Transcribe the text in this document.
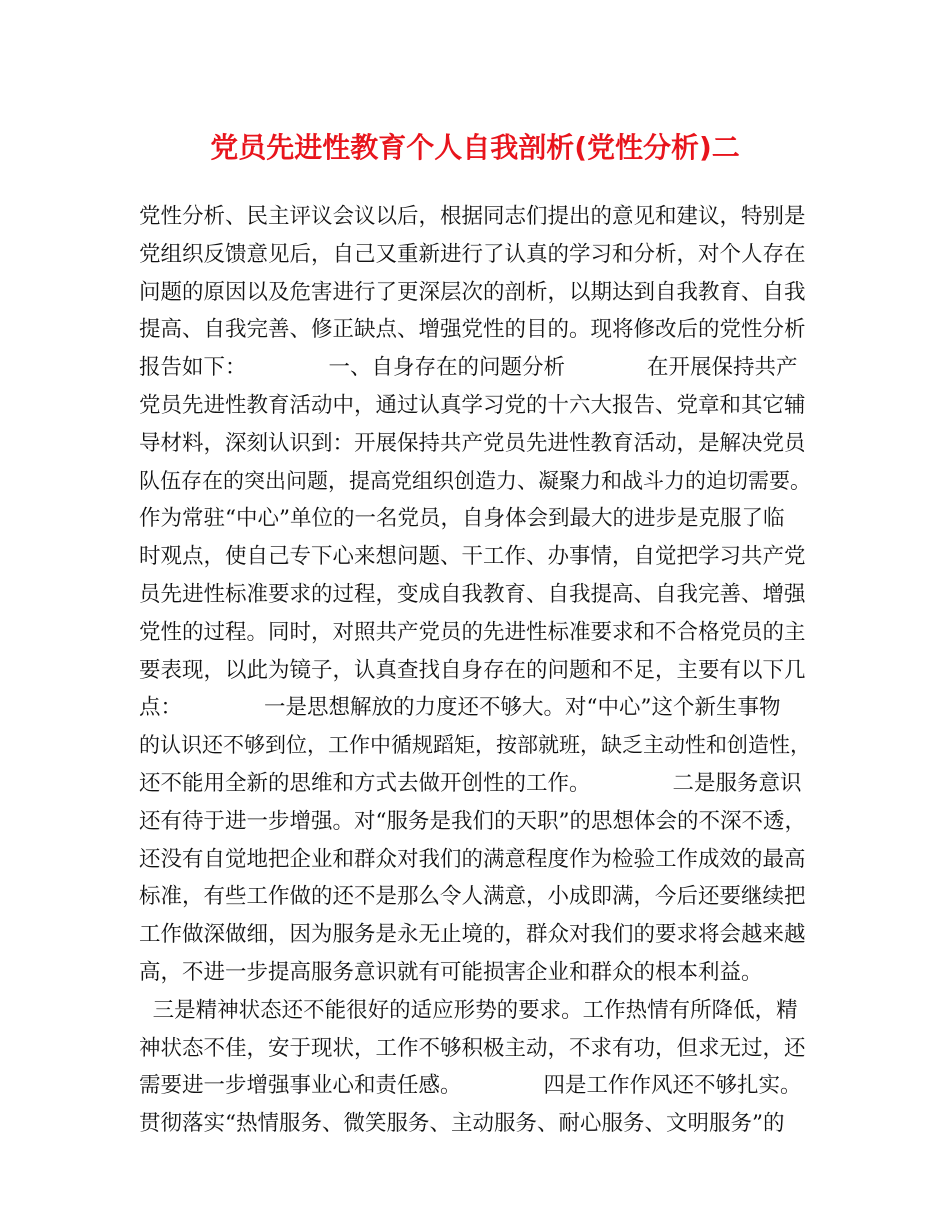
党员先进性教育个人自我剖析(党性分析)二

党性分析、民主评议会议以后，根据同志们提出的意见和建议，特别是

党组织反馈意见后，自己又重新进行了认真的学习和分析，对个人存在

问题的原因以及危害进行了更深层次的剖析，以期达到自我教育、自我

提高、自我完善、修正缺点、增强党性的目的。现将修改后的党性分析

报告如下：            一、自身存在的问题分析            在开展保持共产

党员先进性教育活动中，通过认真学习党的十六大报告、党章和其它辅

导材料，深刻认识到：开展保持共产党员先进性教育活动，是解决党员

队伍存在的突出问题，提高党组织创造力、凝聚力和战斗力的迫切需要。

作为常驻“中心”单位的一名党员，自身体会到最大的进步是克服了临

时观点，使自己专下心来想问题、干工作、办事情，自觉把学习共产党

员先进性标准要求的过程，变成自我教育、自我提高、自我完善、增强

党性的过程。同时，对照共产党员的先进性标准要求和不合格党员的主

要表现，以此为镜子，认真查找自身存在的问题和不足，主要有以下几

点：            一是思想解放的力度还不够大。对“中心”这个新生事物

的认识还不够到位，工作中循规蹈矩，按部就班，缺乏主动性和创造性，

还不能用全新的思维和方式去做开创性的工作。            二是服务意识

还有待于进一步增强。对“服务是我们的天职”的思想体会的不深不透，

还没有自觉地把企业和群众对我们的满意程度作为检验工作成效的最高

标准，有些工作做的还不是那么令人满意，小成即满，今后还要继续把

工作做深做细，因为服务是永无止境的，群众对我们的要求将会越来越

高，不进一步提高服务意识就有可能损害企业和群众的根本利益。

三是精神状态还不能很好的适应形势的要求。工作热情有所降低，精

神状态不佳，安于现状，工作不够积极主动，不求有功，但求无过，还

需要进一步增强事业心和责任感。            四是工作作风还不够扎实。

贯彻落实“热情服务、微笑服务、主动服务、耐心服务、文明服务”的
